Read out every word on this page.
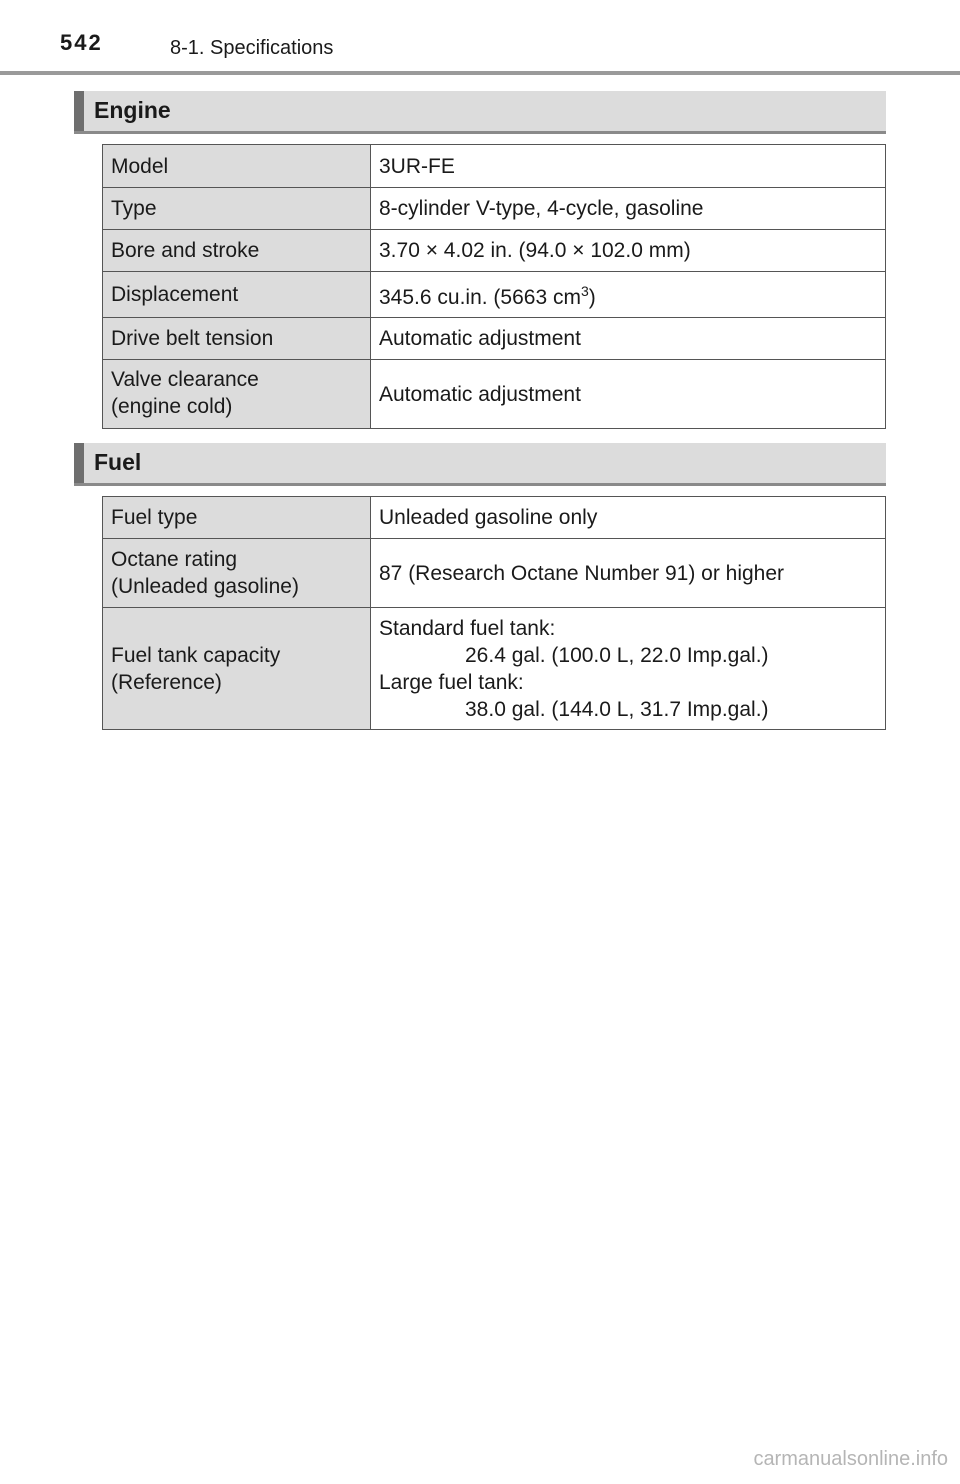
542	8-1. Specifications
Engine
Model	3UR-FE
Type	8-cylinder V-type, 4-cycle, gasoline
Bore and stroke	3.70 × 4.02 in. (94.0 × 102.0 mm)
Displacement	345.6 cu.in. (5663 $cm^3$)
Drive belt tension	Automatic adjustment
Valve clearance
(engine cold)	Automatic adjustment
Fuel
Fuel type	Unleaded gasoline only
Octane rating
(Unleaded gasoline)	87 (Research Octane Number 91) or higher
Fuel tank capacity
(Reference)	Standard fuel tank:
26.4 gal. (100.0 L, 22.0 Imp.gal.)
Large fuel tank:
38.0 gal. (144.0 L, 31.7 Imp.gal.)
carmanualsonline.info
